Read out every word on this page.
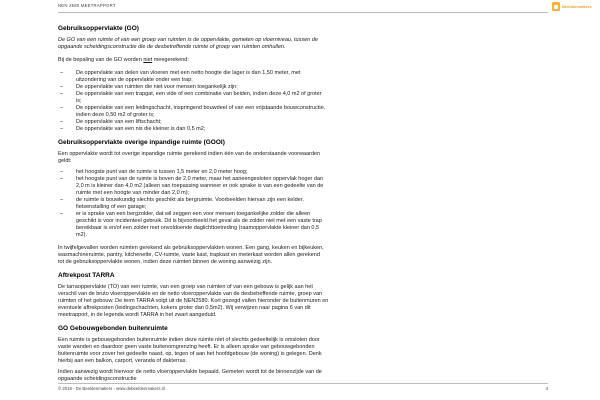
NEN 2580 MEETRAPPORT	Beeldenmakers
Gebruiksoppervlakte (GO)

De GO van een ruimte of van een groep van ruimten is de oppervlakte, gemeten op vloerniveau, tussen de
opgaande scheidingsconstructie die de desbetreffende ruimte of groep van ruimten omhullen.

Bij de bepaling van de GO worden niet meegerekend:

– De oppervlakte van delen van vloeren met een netto hoogte die lager is dan 1,50 meter, met
uitzondering van de oppervlakte onder een trap;
– De oppervlakte van ruimten die niet voor mensen toegankelijk zijn;
– De oppervlakte van een trapgat, een vide of een combinatie van beiden, indien deze 4,0 m2 of groter
is;
– De oppervlakte van een leidingschacht, inspringend bouwdeel of van een vrijstaande bouwconstructie,
indien deze 0,50 m2 of groter is;
– De oppervlakte van een liftschacht;
– De oppervlakte van een nis die kleiner is dan 0,5 m2;
Gebruiksoppervlakte overige inpandige ruimte (GOOI)

Een oppervlakte wordt tot overige inpandige ruimte gerekend indien één van de onderstaande voorwaarden
geldt:

– het hoogste punt van de ruimte is tussen 1,5 meter en 2,0 meter hoog;
– het hoogste punt van de ruimte is boven de 2,0 meter, maar het aaneengesloten oppervlak hoger dan
2,0 m is kleiner dan 4,0 m2 (alleen van toepassing wanneer er ook sprake is van een gedeelte van de
ruimte met een hoogte van minder dan 2,0 m);
– de ruimte is bouwkundig slechts geschikt als bergruimte. Voorbeelden hiervan zijn een kelder,
fietsenstalling of een garage;
– er is sprake van een bergzolder, dat wil zeggen een voor mensen toegankelijke zolder die alleen
geschikt is voor incidenteel gebruik. Dit is bijvoorbeeld het geval als de zolder niet met een vaste trap
bereikbaar is en/of een zolder met onvoldoende daglichttoetreding (raamoppervlakte kleiner dan 0,5
m2).

In twijfelgevallen worden ruimten gerekend als gebruiksoppervlakten wonen. Een gang, keuken en bijkeuken,
wasmachineruimte, pantry, kitchenette, CV-ruimte, vaste kast, trapkast en meterkast worden allen gerekend
tot de gebruiksoppervlakte wonen, indien deze ruimten binnen de woning aanwezig zijn.

Aftrekpost TARRA

De tarraoppervlakte (TO) van een ruimte, van een groep van ruimten of van een gebouw is gelijk aan het
verschil van de bruto vloeroppervlakte en de netto vloeroppervlakte van de desbetreffende ruimte, groep van
ruimten of het gebouw. De term TARRA volgt uit de NEN2580. Kort gezegd vallen hieronder de buitenmuren en
eventuele aftrekposten (leidingschachten, kokers groter dan 0,5m2). Wij verwijzen naar pagina 6 van dit
meetrapport, in de legenda wordt TARRA in het zwart aangeduid.

GO Gebouwgebonden buitenruimte

Een ruimte is gebouwgebonden buitenruimte indien deze ruimte niet of slechts gedeeltelijk is omsloten door
vaste wanden en daardoor geen vaste buitenomgrenzing heeft. Er is alleen sprake van gebouwgebonden
buitenruimte voor zover het gedeelte naast, op, tegen of aan het hoofdgebouw (de woning) is gelegen. Denk
hierbij aan een balkon, carport, veranda of dakterras.

Indien aanwezig wordt hiervoor de netto vloeroppervlakte bepaald. Gemeten wordt tot de binnenzijde van de
opgaande scheidingsconstructie

© 2018 - De Beeldenmakers - www.debeeldenmakers.nl	4
